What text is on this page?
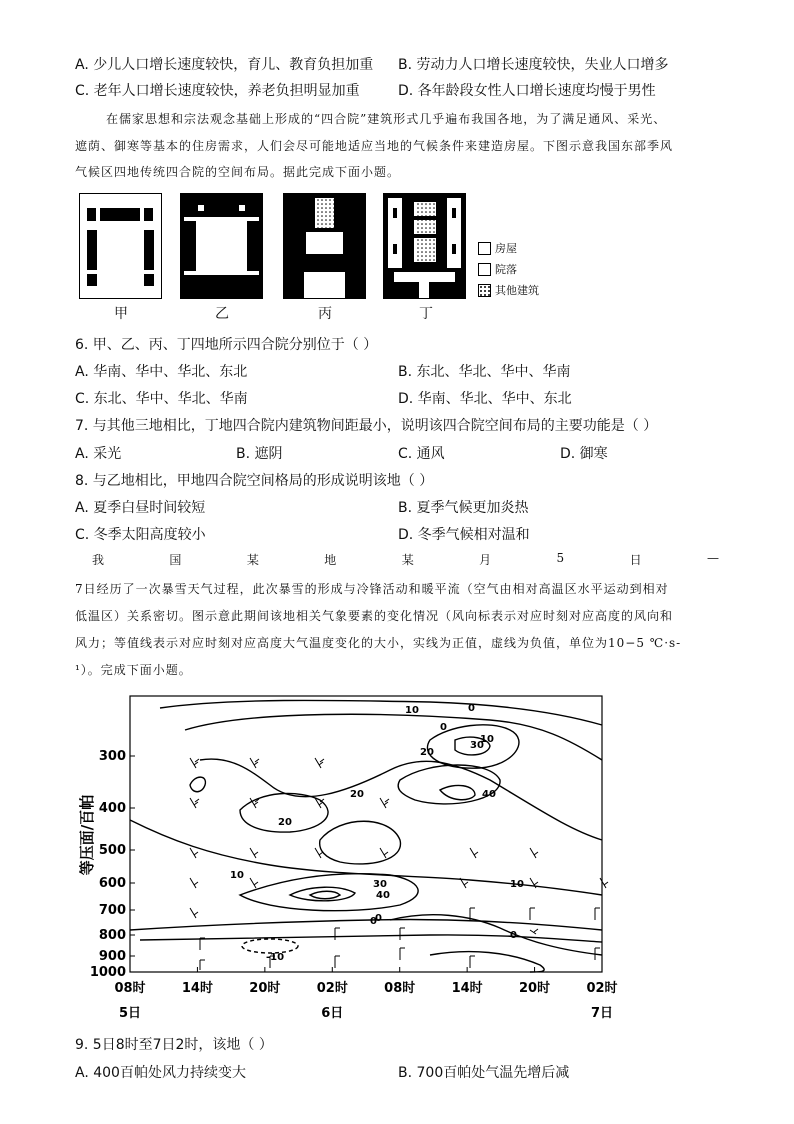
A. 少儿人口增长速度较快，育儿、教育负担加重 B. 劳动力人口增长速度较快，失业人口增多
C. 老年人口增长速度较快，养老负担明显加重	D. 各年龄段女性人口增长速度均慢于男性
在儒家思想和宗法观念基础上形成的“四合院”建筑形式几乎遍布我国各地，为了满足通风、采光、
遮荫、御寒等基本的住房需求，人们会尽可能地适应当地的气候条件来建造房屋。下图示意我国东部季风
气候区四地传统四合院的空间布局。据此完成下面小题。
甲	乙	丙	丁
房屋
院落
其他建筑
6. 甲、乙、丙、丁四地所示四合院分别位于（ ）
A. 华南、华中、华北、东北	B. 东北、华北、华中、华南
C. 东北、华中、华北、华南	D. 华南、华北、华中、东北
7. 与其他三地相比，丁地四合院内建筑物间距最小，说明该四合院空间布局的主要功能是（ ）
A. 采光	B. 遮阴	C. 通风	D. 御寒
8. 与乙地相比，甲地四合院空间格局的形成说明该地（ ）
A. 夏季白昼时间较短	B. 夏季气候更加炎热
C. 冬季太阳高度较小	D. 冬季气候相对温和
我	国	某	地	某	月	5	日	—
7日经历了一次暴雪天气过程，此次暴雪的形成与冷锋活动和暖平流（空气由相对高温区水平运动到相对
低温区）关系密切。图示意此期间该地相关气象要素的变化情况（风向标表示对应时刻对应高度的风向和
风力；等值线表示对应时刻对应高度大气温度变化的大小，实线为正值，虚线为负值，单位为10−5 ℃·s-
¹）。完成下面小题。
300
400
500
600
700
800
900
1000
等压面/百帕
08时	14时	20时	02时	08时	14时	20时	02时
5日	6日	7日
-10
0
10
20
30
40
0
10
20
0
10
20
30
40
0
10
0
9. 5日8时至7日2时，该地（ ）
A. 400百帕处风力持续变大	B. 700百帕处气温先增后减
